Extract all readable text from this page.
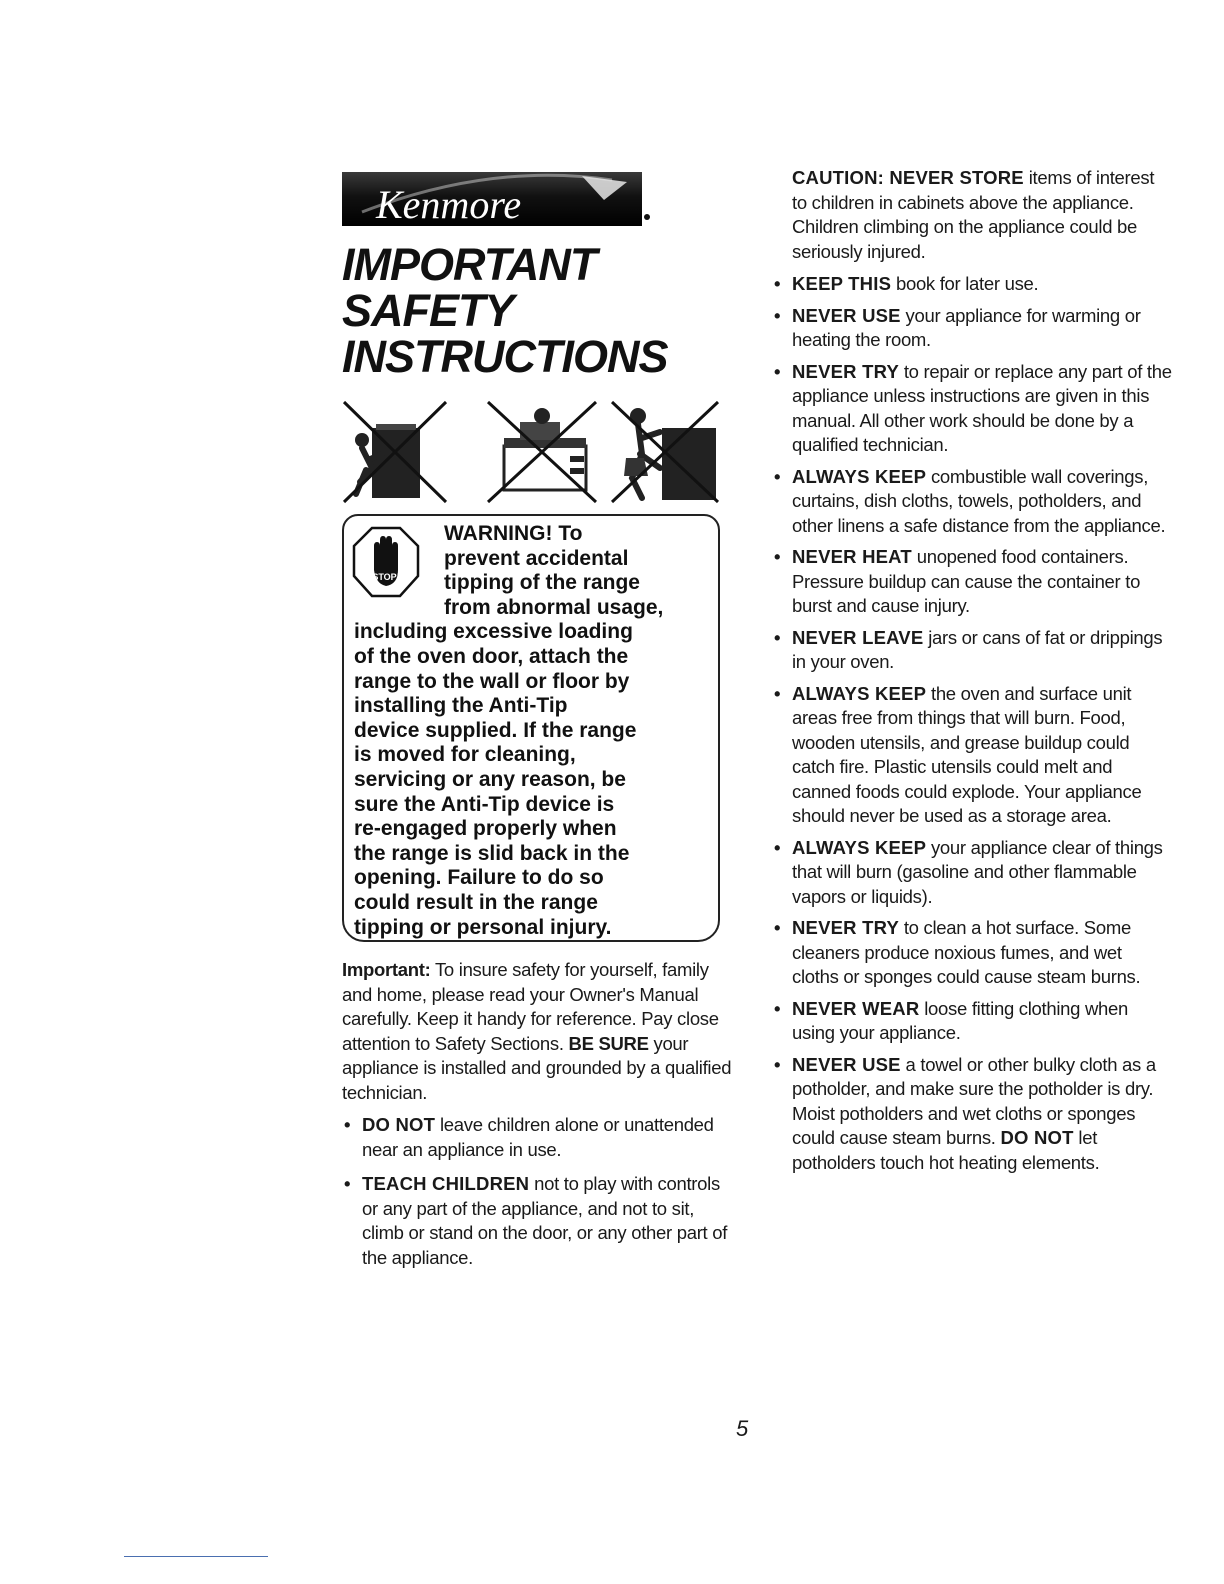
Kenmore
IMPORTANT SAFETY
INSTRUCTIONS
STOP!
WARNING! To
prevent accidental
tipping of the range
from abnormal usage,
including excessive loading
of the oven door, attach the
range to the wall or floor by
installing the Anti-Tip
device supplied. If the range
is moved for cleaning,
servicing or any reason, be
sure the Anti-Tip device is
re-engaged properly when
the range is slid back in the
opening. Failure to do so
could result in the range
tipping or personal injury.
Important: To insure safety for yourself, family and home, please read your Owner's Manual carefully. Keep it handy for reference. Pay close attention to Safety Sections. BE SURE your appliance is installed and grounded by a qualified technician.
• DO NOT leave children alone or unattended near an appliance in use.
• TEACH CHILDREN not to play with controls or any part of the appliance, and not to sit, climb or stand on the door, or any other part of the appliance.
CAUTION: NEVER STORE items of interest to children in cabinets above the appliance. Children climbing on the appliance could be seriously injured.
• KEEP THIS book for later use.
• NEVER USE your appliance for warming or heating the room.
• NEVER TRY to repair or replace any part of the appliance unless instructions are given in this manual. All other work should be done by a qualified technician.
• ALWAYS KEEP combustible wall coverings, curtains, dish cloths, towels, potholders, and other linens a safe distance from the appliance.
• NEVER HEAT unopened food containers. Pressure buildup can cause the container to burst and cause injury.
• NEVER LEAVE jars or cans of fat or drippings in your oven.
• ALWAYS KEEP the oven and surface unit areas free from things that will burn. Food, wooden utensils, and grease buildup could catch fire. Plastic utensils could melt and canned foods could explode. Your appliance should never be used as a storage area.
• ALWAYS KEEP your appliance clear of things that will burn (gasoline and other flammable vapors or liquids).
• NEVER TRY to clean a hot surface. Some cleaners produce noxious fumes, and wet cloths or sponges could cause steam burns.
• NEVER WEAR loose fitting clothing when using your appliance.
• NEVER USE a towel or other bulky cloth as a potholder, and make sure the potholder is dry. Moist potholders and wet cloths or sponges could cause steam burns. DO NOT let potholders touch hot heating elements.
5
